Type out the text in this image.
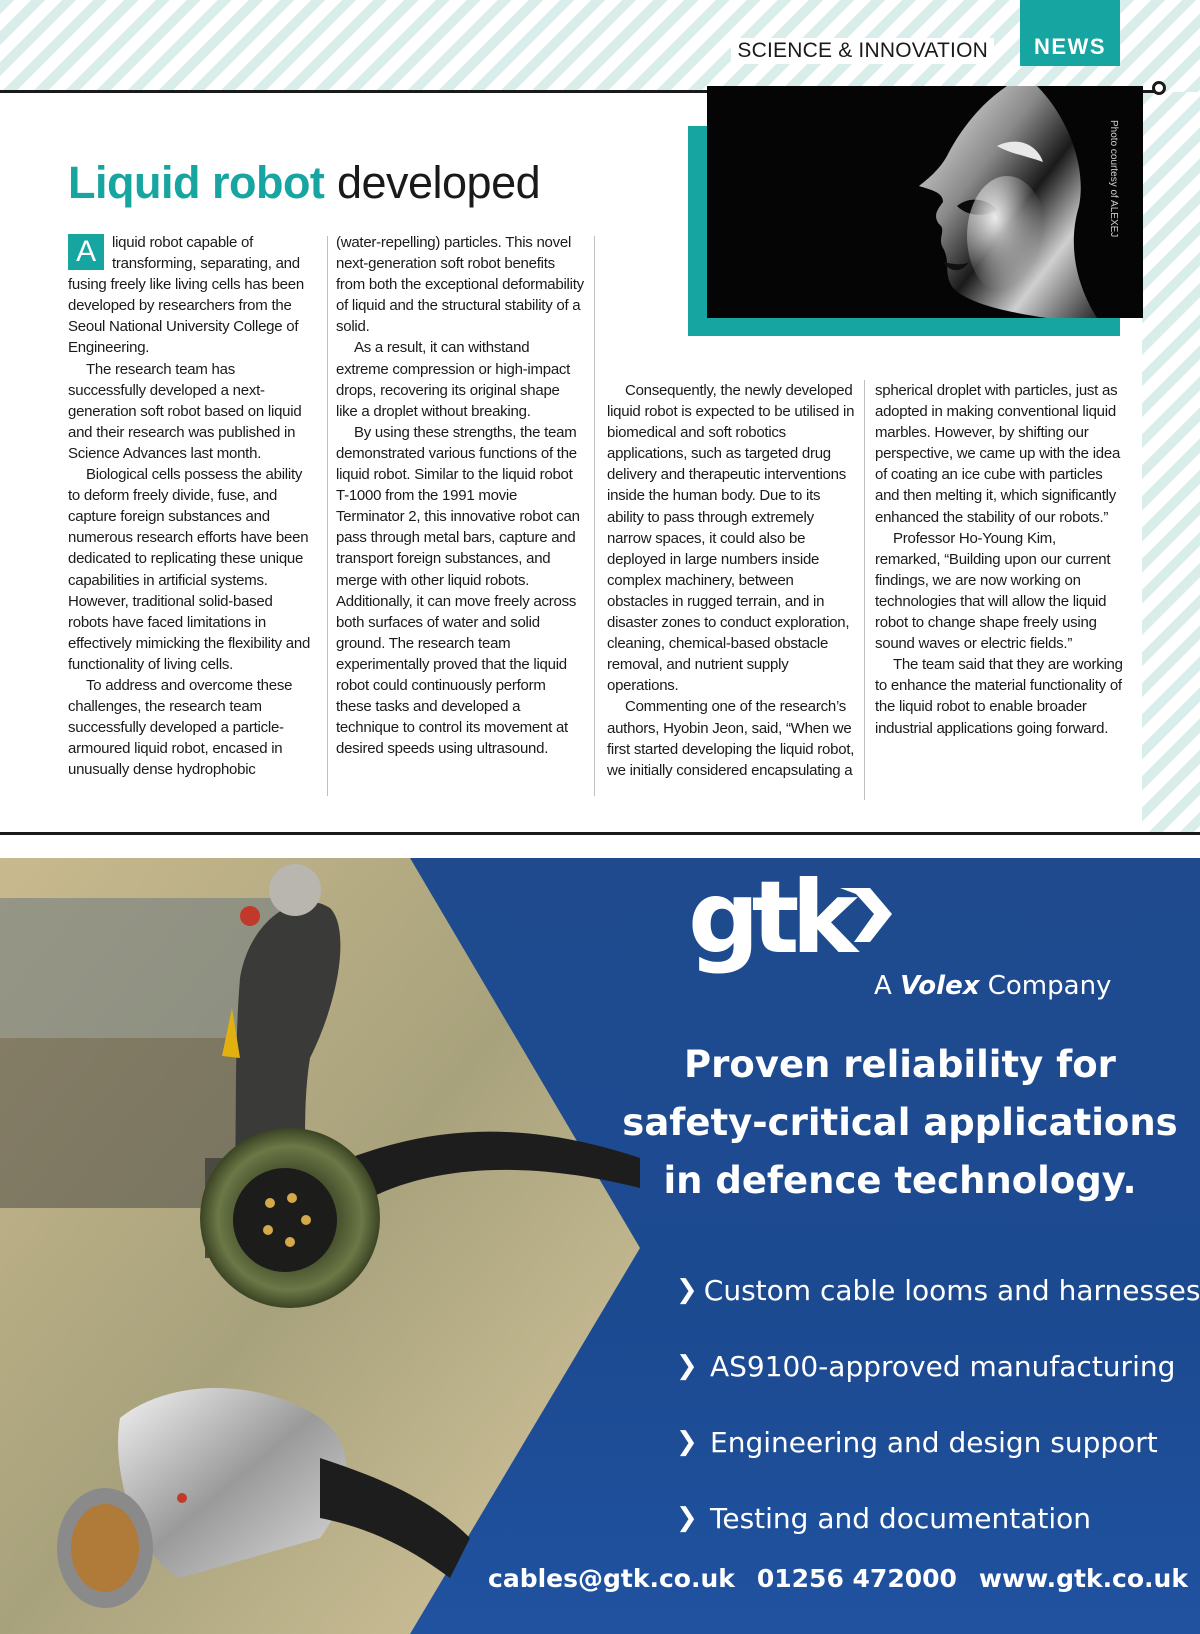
SCIENCE & INNOVATION	NEWS
Photo courtesy of ALEXEJ
Liquid robot developed
A	liquid robot capable of transforming, separating, and fusing freely like living cells has been developed by researchers from the Seoul National University College of Engineering.

The research team has successfully developed a next-generation soft robot based on liquid and their research was published in Science Advances last month.

Biological cells possess the ability to deform freely divide, fuse, and capture foreign substances and numerous research efforts have been dedicated to replicating these unique capabilities in artificial systems. However, traditional solid-based robots have faced limitations in effectively mimicking the flexibility and functionality of living cells.

To address and overcome these challenges, the research team successfully developed a particle-armoured liquid robot, encased in unusually dense hydrophobic

(water-repelling) particles. This novel next-generation soft robot benefits from both the exceptional deformability of liquid and the structural stability of a solid.

As a result, it can withstand extreme compression or high-impact drops, recovering its original shape like a droplet without breaking.

By using these strengths, the team demonstrated various functions of the liquid robot. Similar to the liquid robot T-1000 from the 1991 movie Terminator 2, this innovative robot can pass through metal bars, capture and transport foreign substances, and merge with other liquid robots. Additionally, it can move freely across both surfaces of water and solid ground. The research team experimentally proved that the liquid robot could continuously perform these tasks and developed a technique to control its movement at desired speeds using ultrasound.

Consequently, the newly developed liquid robot is expected to be utilised in biomedical and soft robotics applications, such as targeted drug delivery and therapeutic interventions inside the human body. Due to its ability to pass through extremely narrow spaces, it could also be deployed in large numbers inside complex machinery, between obstacles in rugged terrain, and in disaster zones to conduct exploration, cleaning, chemical-based obstacle removal, and nutrient supply operations.

Commenting one of the research’s authors, Hyobin Jeon, said, “When we first started developing the liquid robot, we initially considered encapsulating a

spherical droplet with particles, just as adopted in making conventional liquid marbles. However, by shifting our perspective, we came up with the idea of coating an ice cube with particles and then melting it, which significantly enhanced the stability of our robots.”

Professor Ho-Young Kim, remarked, “Building upon our current findings, we are now working on technologies that will allow the liquid robot to change shape freely using sound waves or electric fields.”

The team said that they are working to enhance the material functionality of the liquid robot to enable broader industrial applications going forward.

gtk
A Volex Company
Proven reliability for
safety-critical applications
in defence technology.
❯ Custom cable looms and harnesses
❯ AS9100-approved manufacturing
❯ Engineering and design support
❯ Testing and documentation
cables@gtk.co.uk 01256 472000 www.gtk.co.uk
